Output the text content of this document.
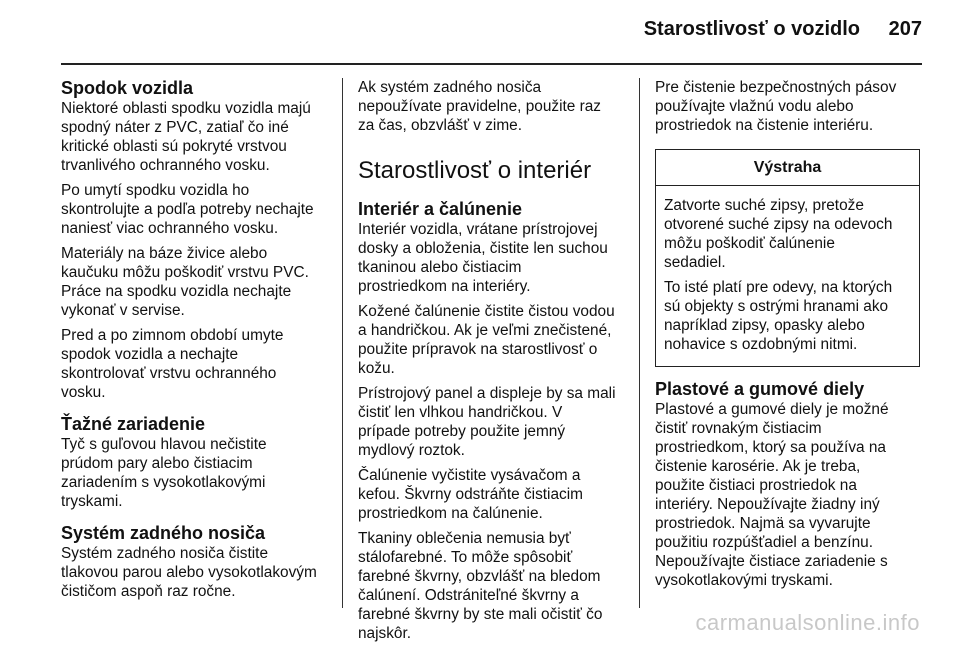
Starostlivosť o vozidlo 207
Spodok vozidla
Niektoré oblasti spodku vozidla majú
spodný náter z PVC, zatiaľ čo iné
kritické oblasti sú pokryté vrstvou
trvanlivého ochranného vosku.
Po umytí spodku vozidla ho
skontrolujte a podľa potreby nechajte
naniesť viac ochranného vosku.
Materiály na báze živice alebo
kaučuku môžu poškodiť vrstvu PVC.
Práce na spodku vozidla nechajte
vykonať v servise.
Pred a po zimnom období umyte
spodok vozidla a nechajte
skontrolovať vrstvu ochranného
vosku.
Ťažné zariadenie
Tyč s guľovou hlavou nečistite
prúdom pary alebo čistiacim
zariadením s vysokotlakovými
tryskami.
Systém zadného nosiča
Systém zadného nosiča čistite
tlakovou parou alebo vysokotlakovým
čističom aspoň raz ročne.
Ak systém zadného nosiča
nepoužívate pravidelne, použite raz
za čas, obzvlášť v zime.
Starostlivosť o interiér
Interiér a čalúnenie
Interiér vozidla, vrátane prístrojovej
dosky a obloženia, čistite len suchou
tkaninou alebo čistiacim
prostriedkom na interiéry.
Kožené čalúnenie čistite čistou vodou
a handričkou. Ak je veľmi znečistené,
použite prípravok na starostlivosť o
kožu.
Prístrojový panel a displeje by sa mali
čistiť len vlhkou handričkou. V
prípade potreby použite jemný
mydlový roztok.
Čalúnenie vyčistite vysávačom a
kefou. Škvrny odstráňte čistiacim
prostriedkom na čalúnenie.
Tkaniny oblečenia nemusia byť
stálofarebné. To môže spôsobiť
farebné škvrny, obzvlášť na bledom
čalúnení. Odstrániteľné škvrny a
farebné škvrny by ste mali očistiť čo
najskôr.
Pre čistenie bezpečnostných pásov
používajte vlažnú vodu alebo
prostriedok na čistenie interiéru.
Výstraha
Zatvorte suché zipsy, pretože
otvorené suché zipsy na odevoch
môžu poškodiť čalúnenie
sedadiel.
To isté platí pre odevy, na ktorých
sú objekty s ostrými hranami ako
napríklad zipsy, opasky alebo
nohavice s ozdobnými nitmi.
Plastové a gumové diely
Plastové a gumové diely je možné
čistiť rovnakým čistiacim
prostriedkom, ktorý sa používa na
čistenie karosérie. Ak je treba,
použite čistiaci prostriedok na
interiéry. Nepoužívajte žiadny iný
prostriedok. Najmä sa vyvarujte
použitiu rozpúšťadiel a benzínu.
Nepoužívajte čistiace zariadenie s
vysokotlakovými tryskami.
carmanualsonline.info
